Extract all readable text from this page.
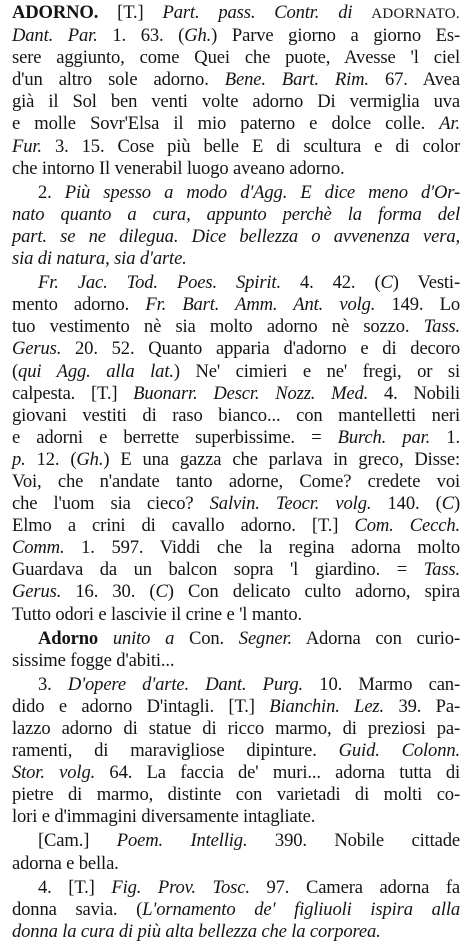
ADORNO. [T.] Part. pass. Contr. di ADORNATO.
Dant. Par. 1. 63. (Gh.) Parve giorno a giorno Es-
sere aggiunto, come Quei che puote, Avesse 'l ciel
d'un altro sole adorno. Bene. Bart. Rim. 67. Avea
già il Sol ben venti volte adorno Di vermiglia uva
e molle Sovr'Elsa il mio paterno e dolce colle. Ar.
Fur. 3. 15. Cose più belle E di scultura e di color
che intorno Il venerabil luogo aveano adorno.
2. Più spesso a modo d'Agg. E dice meno d'Or-
nato quanto a cura, appunto perchè la forma del
part. se ne dilegua. Dice bellezza o avvenenza vera,
sia di natura, sia d'arte.
Fr. Jac. Tod. Poes. Spirit. 4. 42. (C) Vesti-
mento adorno. Fr. Bart. Amm. Ant. volg. 149. Lo
tuo vestimento nè sia molto adorno nè sozzo. Tass.
Gerus. 20. 52. Quanto appariа d'adorno e di decoro
(qui Agg. alla lat.) Ne' cimieri e ne' fregi, or si
calpesta. [T.] Buonarr. Descr. Nozz. Med. 4. Nobili
giovani vestiti di raso bianco... con mantelletti neri
e adorni e berrette superbissime. = Burch. par. 1.
p. 12. (Gh.) E una gazza che parlava in greco, Disse:
Voi, che n'andate tanto adorne, Come? credete voi
che l'uom sia cieco? Salvin. Teocr. volg. 140. (C)
Elmo a crini di cavallo adorno. [T.] Com. Cecch.
Comm. 1. 597. Viddi che la regina adorna molto
Guardava da un balcon sopra 'l giardino. = Tass.
Gerus. 16. 30. (C) Con delicato culto adorno, spira
Tutto odori e lascivie il crine e 'l manto.
Adorno unito a Con. Segner. Adorna con curio-
sissime fogge d'abiti...
3. D'opere d'arte. Dant. Purg. 10. Marmo can-
dido e adorno D'intagli. [T.] Bianchin. Lez. 39. Pa-
lazzo adorno di statue di ricco marmo, di preziosi pa-
ramenti, di maravigliose dipinture. Guid. Colonn.
Stor. volg. 64. La faccia de' muri... adorna tutta di
pietre di marmo, distinte con varietadi di molti co-
lori e d'immagini diversamente intagliate.
[Cam.] Poem. Intellig. 390. Nobile cittade
adorna e bella.
4. [T.] Fig. Prov. Tosc. 97. Camera adorna fa
donna savia. (L'ornamento de' figliuoli ispira alla
donna la cura di più alta bellezza che la corporea.
